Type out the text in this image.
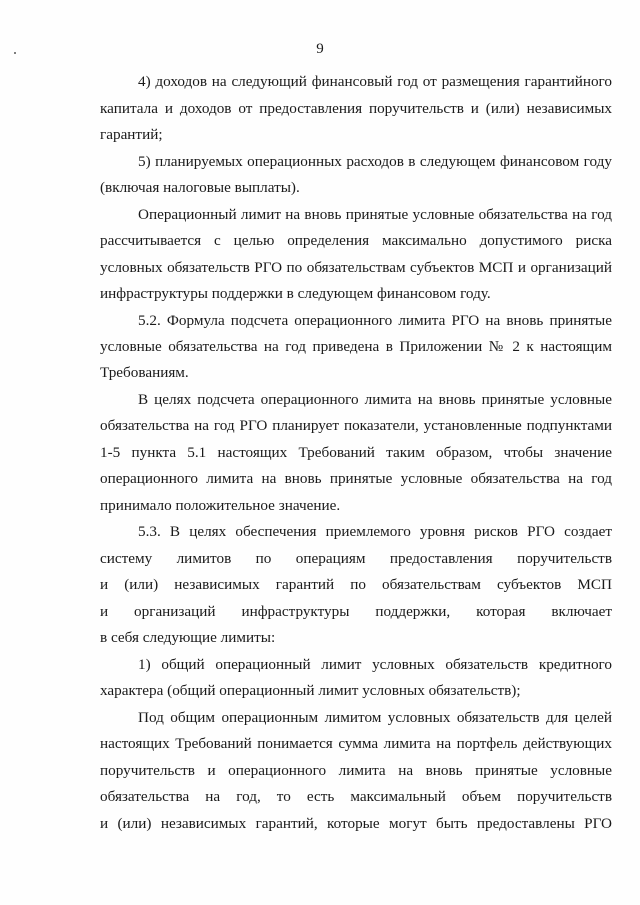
9
4) доходов на следующий финансовый год от размещения гарантийного
капитала и доходов от предоставления поручительств и (или) независимых
гарантий;
5) планируемых операционных расходов в следующем финансовом году
(включая налоговые выплаты).
Операционный лимит на вновь принятые условные обязательства на год
рассчитывается с целью определения максимально допустимого риска
условных обязательств РГО по обязательствам субъектов МСП и организаций
инфраструктуры поддержки в следующем финансовом году.
5.2. Формула подсчета операционного лимита РГО на вновь принятые
условные обязательства на год приведена в Приложении № 2 к настоящим
Требованиям.
В целях подсчета операционного лимита на вновь принятые условные
обязательства на год РГО планирует показатели, установленные подпунктами
1-5 пункта 5.1 настоящих Требований таким образом, чтобы значение
операционного лимита на вновь принятые условные обязательства на год
принимало положительное значение.
5.3. В целях обеспечения приемлемого уровня рисков РГО создает
систему лимитов по операциям предоставления поручительств
и (или) независимых гарантий по обязательствам субъектов МСП
и организаций инфраструктуры поддержки, которая включает
в себя следующие лимиты:
1) общий операционный лимит условных обязательств кредитного
характера (общий операционный лимит условных обязательств);
Под общим операционным лимитом условных обязательств для целей
настоящих Требований понимается сумма лимита на портфель действующих
поручительств и операционного лимита на вновь принятые условные
обязательства на год, то есть максимальный объем поручительств
и (или) независимых гарантий, которые могут быть предоставлены РГО
